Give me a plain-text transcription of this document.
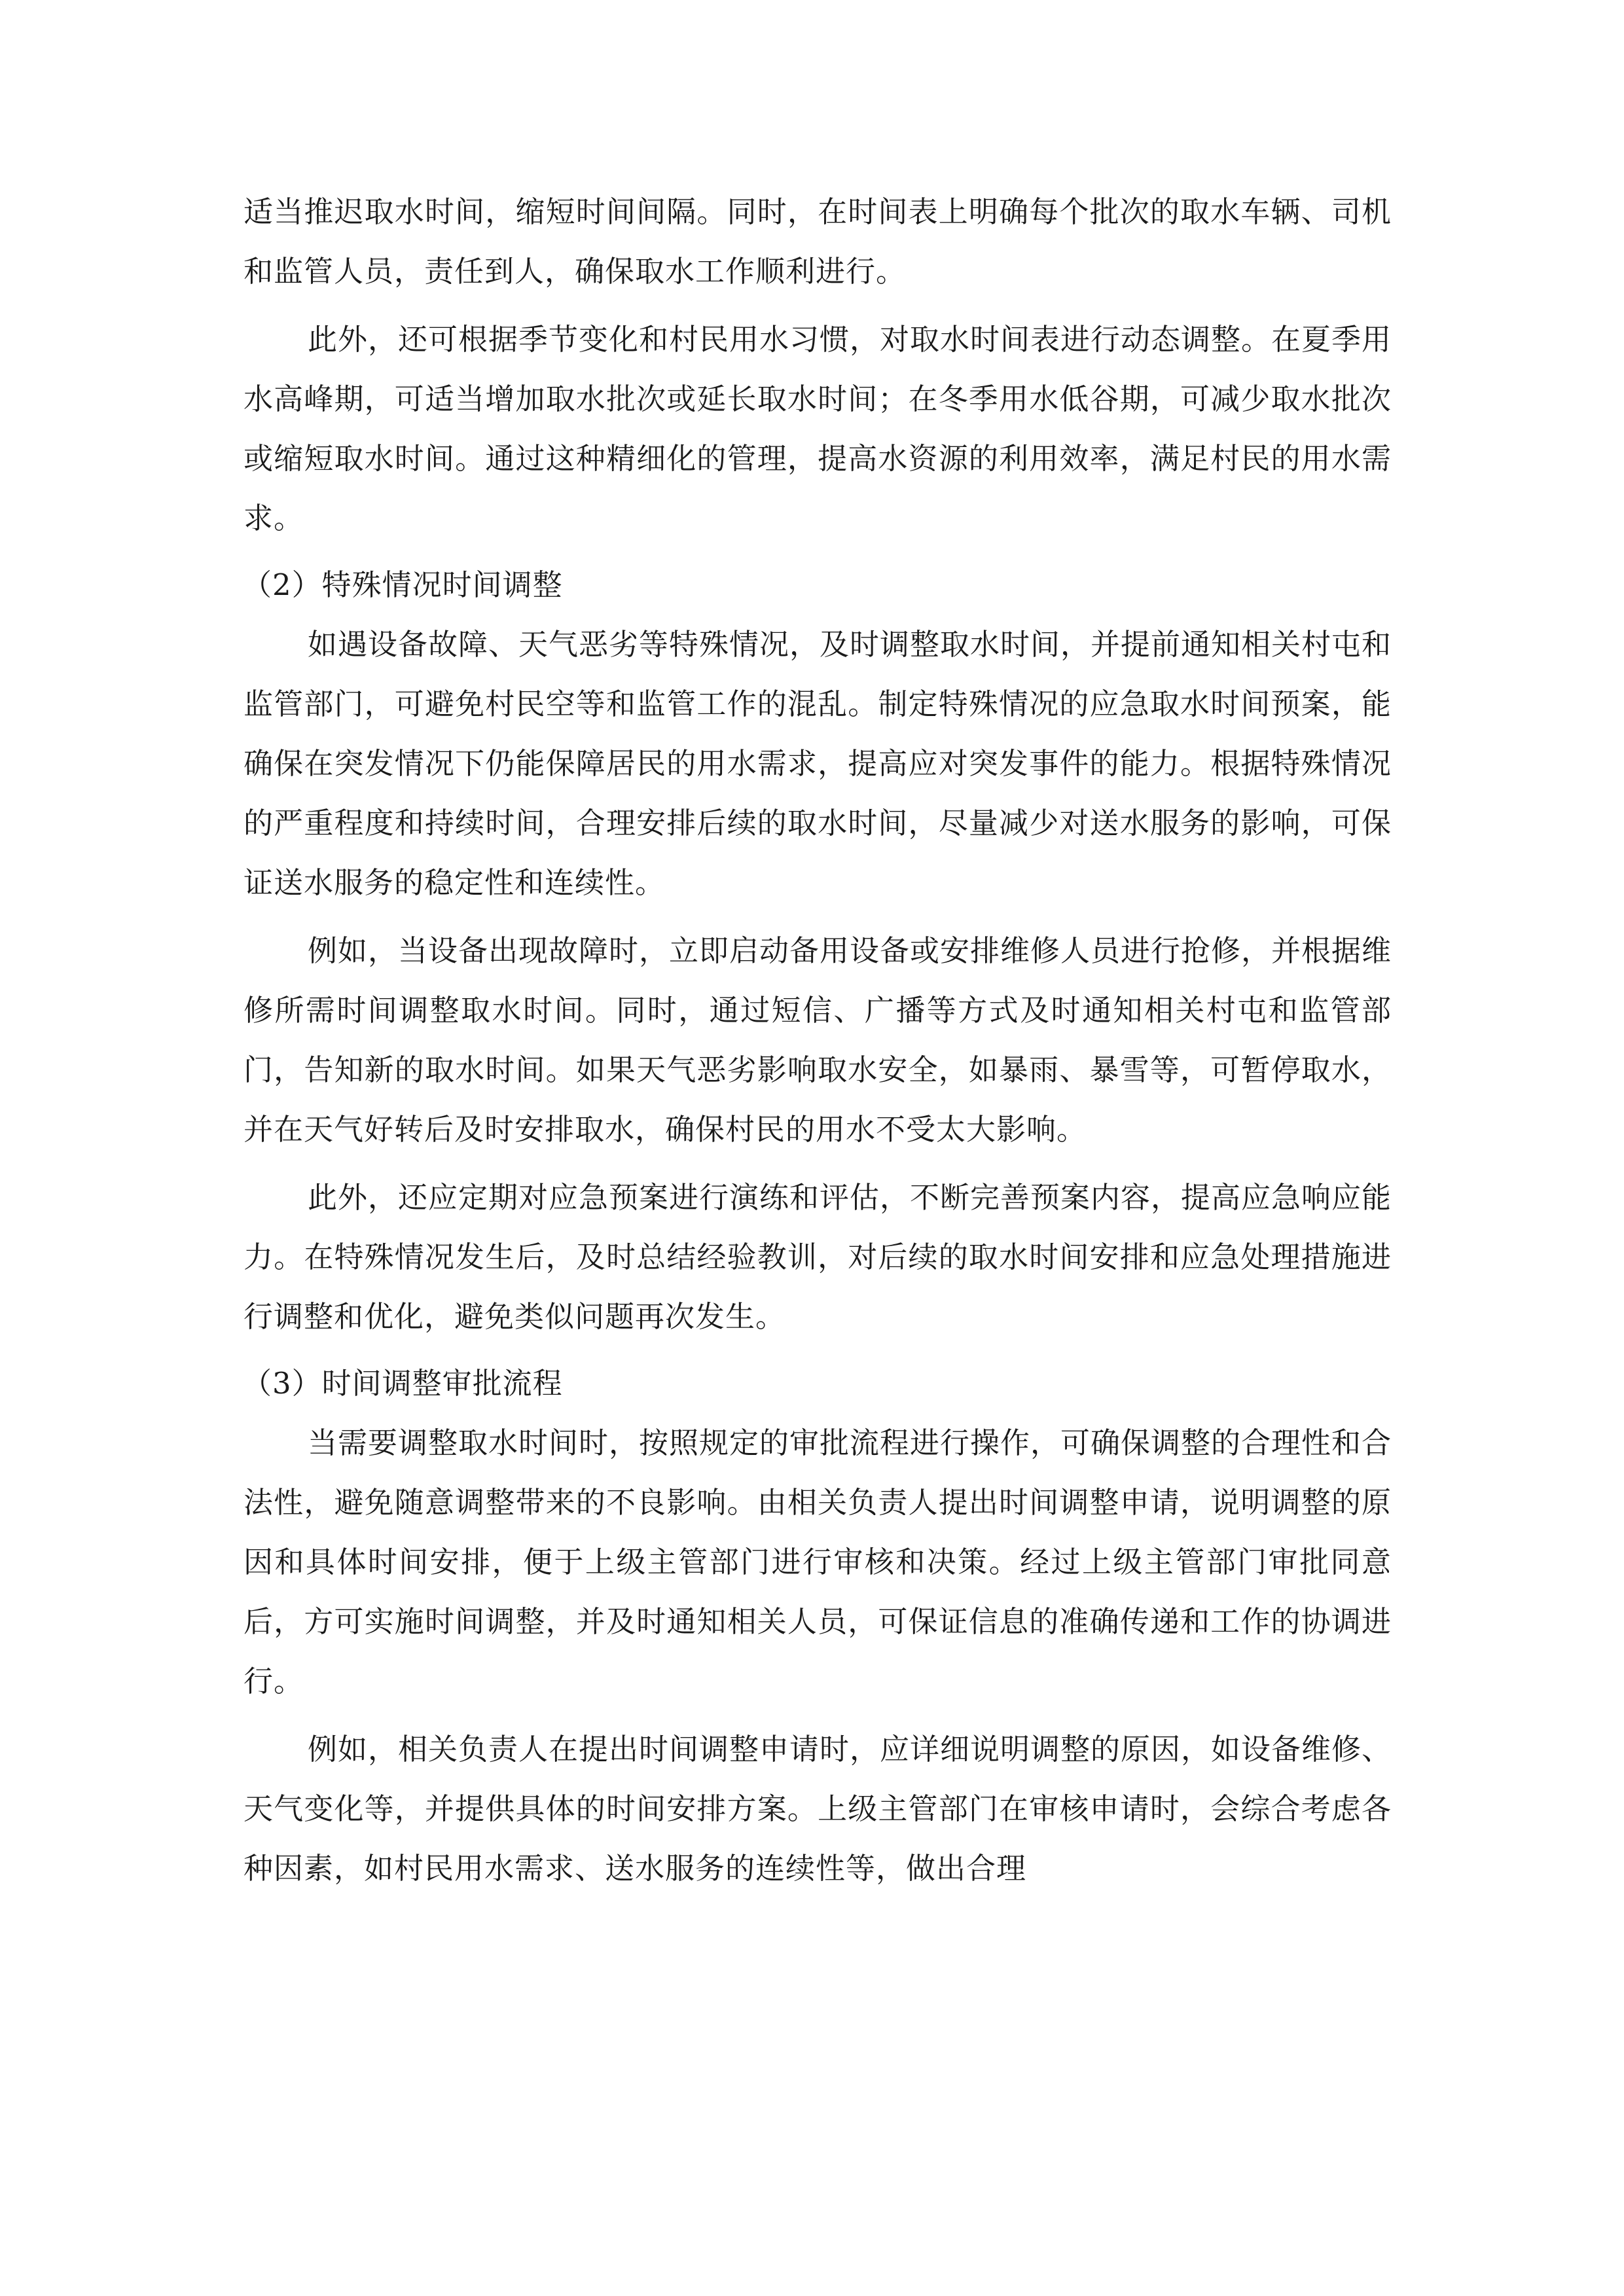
适当推迟取水时间，缩短时间间隔。同时，在时间表上明确每个批次的取水车辆、司机和监管人员，责任到人，确保取水工作顺利进行。

此外，还可根据季节变化和村民用水习惯，对取水时间表进行动态调整。在夏季用水高峰期，可适当增加取水批次或延长取水时间；在冬季用水低谷期，可减少取水批次或缩短取水时间。通过这种精细化的管理，提高水资源的利用效率，满足村民的用水需求。

（2）特殊情况时间调整

如遇设备故障、天气恶劣等特殊情况，及时调整取水时间，并提前通知相关村屯和监管部门，可避免村民空等和监管工作的混乱。制定特殊情况的应急取水时间预案，能确保在突发情况下仍能保障居民的用水需求，提高应对突发事件的能力。根据特殊情况的严重程度和持续时间，合理安排后续的取水时间，尽量减少对送水服务的影响，可保证送水服务的稳定性和连续性。

例如，当设备出现故障时，立即启动备用设备或安排维修人员进行抢修，并根据维修所需时间调整取水时间。同时，通过短信、广播等方式及时通知相关村屯和监管部门，告知新的取水时间。如果天气恶劣影响取水安全，如暴雨、暴雪等，可暂停取水，并在天气好转后及时安排取水，确保村民的用水不受太大影响。

此外，还应定期对应急预案进行演练和评估，不断完善预案内容，提高应急响应能力。在特殊情况发生后，及时总结经验教训，对后续的取水时间安排和应急处理措施进行调整和优化，避免类似问题再次发生。

（3）时间调整审批流程

当需要调整取水时间时，按照规定的审批流程进行操作，可确保调整的合理性和合法性，避免随意调整带来的不良影响。由相关负责人提出时间调整申请，说明调整的原因和具体时间安排，便于上级主管部门进行审核和决策。经过上级主管部门审批同意后，方可实施时间调整，并及时通知相关人员，可保证信息的准确传递和工作的协调进行。

例如，相关负责人在提出时间调整申请时，应详细说明调整的原因，如设备维修、天气变化等，并提供具体的时间安排方案。上级主管部门在审核申请时，会综合考虑各种因素，如村民用水需求、送水服务的连续性等，做出合理
